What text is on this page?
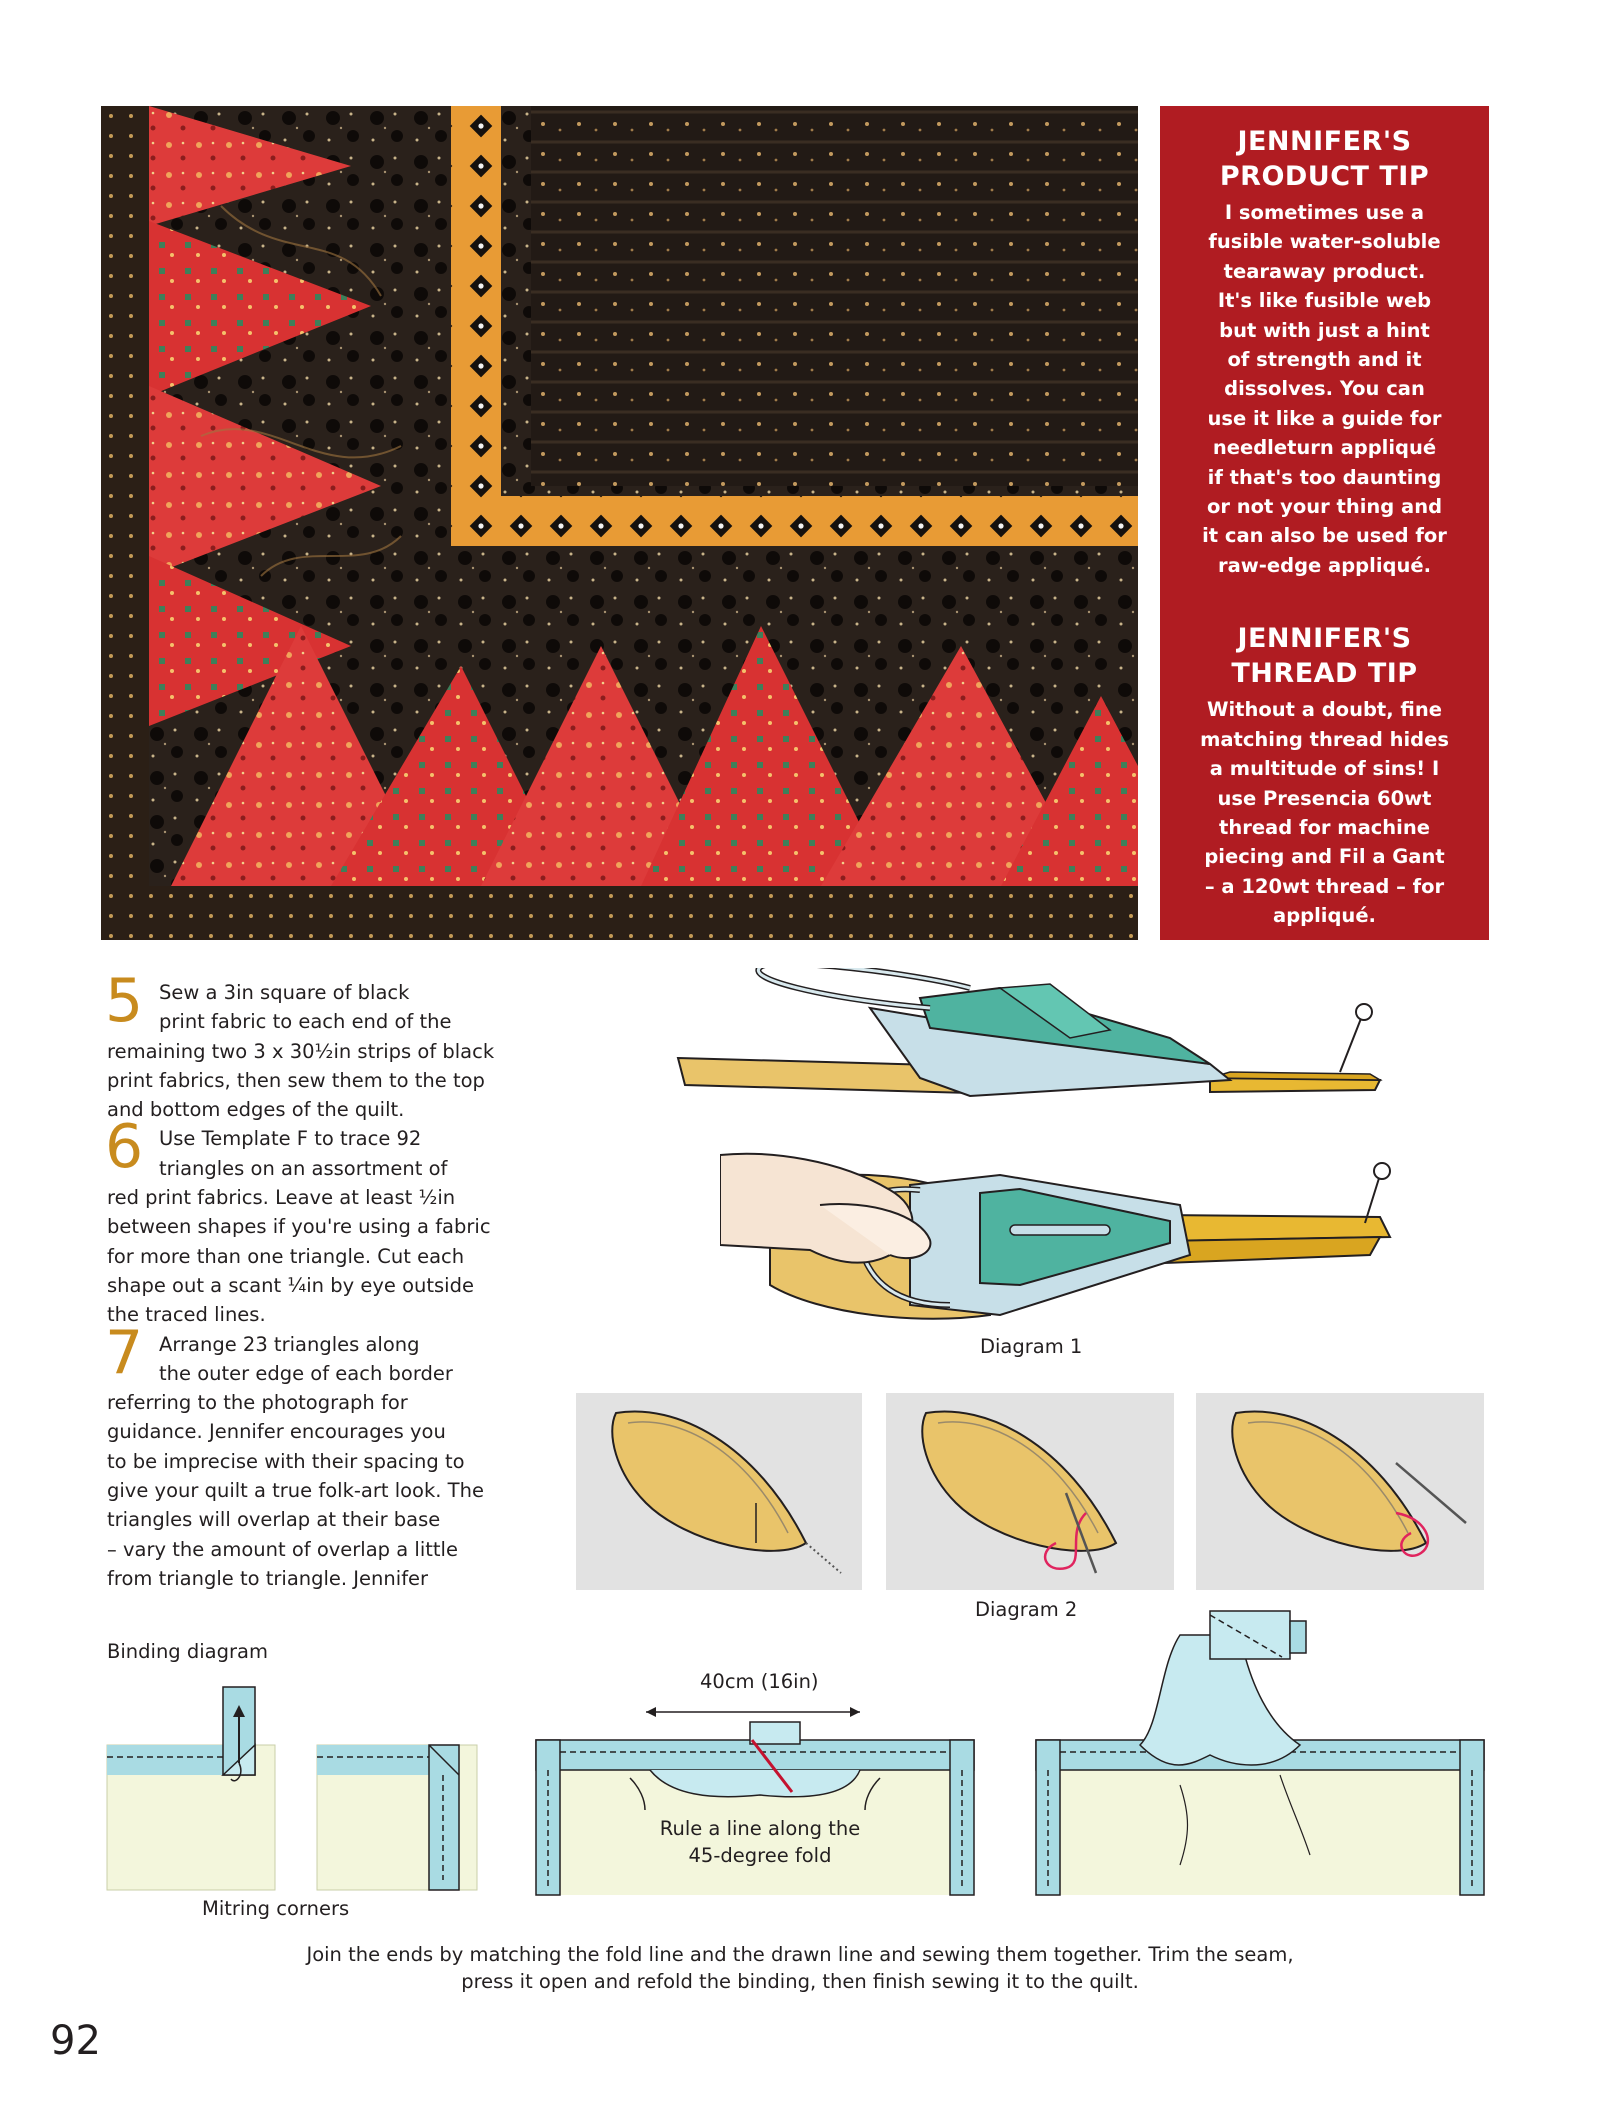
JENNIFER'S
PRODUCT TIP

I sometimes use a
fusible water-soluble
tearaway product.
It's like fusible web
but with just a hint
of strength and it
dissolves. You can
use it like a guide for
needleturn appliqué
if that's too daunting
or not your thing and
it can also be used for
raw-edge appliqué.

JENNIFER'S
THREAD TIP

Without a doubt, fine
matching thread hides
a multitude of sins! I
use Presencia 60wt
thread for machine
piecing and Fil a Gant
– a 120wt thread – for
appliqué.

5 Sew a 3in square of black
print fabric to each end of the
remaining two 3 x 30½in strips of black
print fabrics, then sew them to the top
and bottom edges of the quilt.
6 Use Template F to trace 92
triangles on an assortment of
red print fabrics. Leave at least ½in
between shapes if you're using a fabric
for more than one triangle. Cut each
shape out a scant ¼in by eye outside
the traced lines.
7 Arrange 23 triangles along
the outer edge of each border
referring to the photograph for
guidance. Jennifer encourages you
to be imprecise with their spacing to
give your quilt a true folk-art look. The
triangles will overlap at their base
– vary the amount of overlap a little
from triangle to triangle. Jennifer
Diagram 1
Diagram 2
Binding diagram
Mitring corners
40cm (16in)
Rule a line along the
45-degree fold
Join the ends by matching the fold line and the drawn line and sewing them together. Trim the seam,
press it open and refold the binding, then finish sewing it to the quilt.
92
